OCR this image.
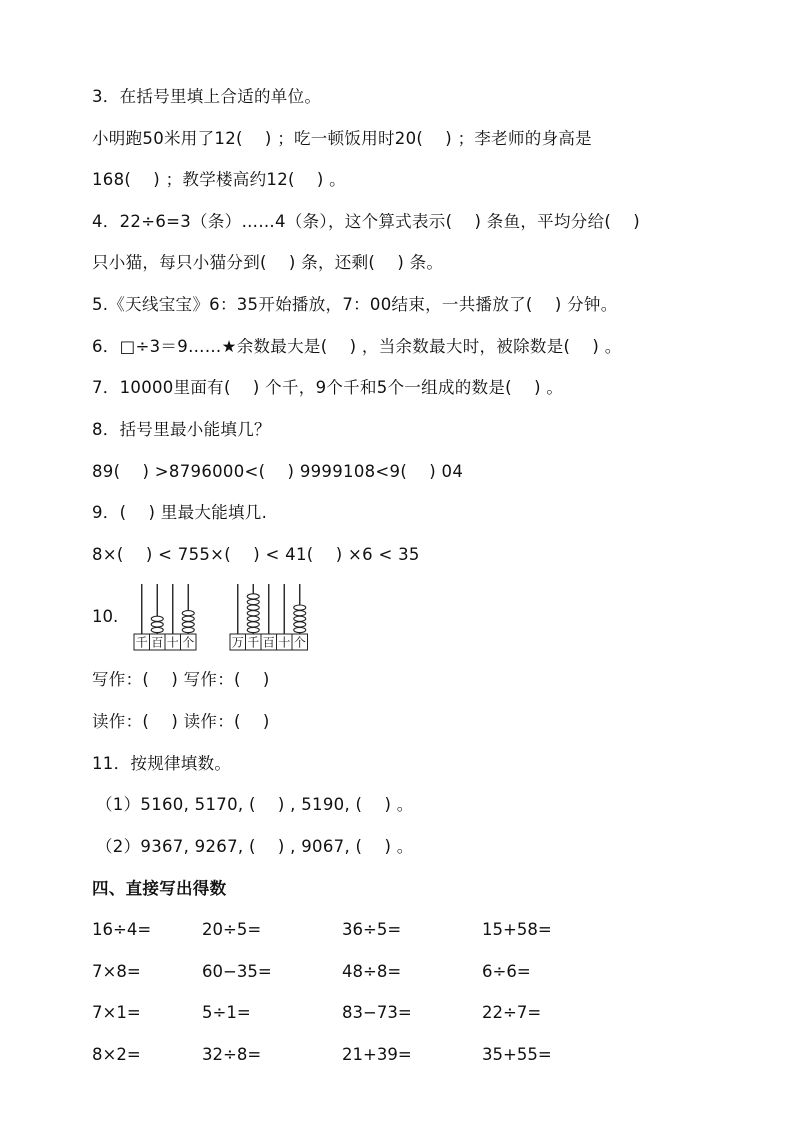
3．在括号里填上合适的单位。
小明跑50米用了12(    ) ；吃一顿饭用时20(    ) ；李老师的身高是
168(    ) ；教学楼高约12(    ) 。
4．22÷6=3（条）……4（条），这个算式表示(    ) 条鱼，平均分给(    )
只小猫，每只小猫分到(    ) 条，还剩(    ) 条。
5.《天线宝宝》6：35开始播放，7：00结束，一共播放了(    ) 分钟。
6．□÷3＝9……★余数最大是(    ) ，当余数最大时，被除数是(    ) 。
7．10000里面有(    ) 个千，9个千和5个一组成的数是(    ) 。
8．括号里最小能填几？
89(    ) >8796000<(    ) 9999108<9(    ) 04
9．(    ) 里最大能填几.
8×(    ) < 755×(    ) < 41(    ) ×6 < 35
10.
千 百 十 个	万 千 百 十 个
写作：(    ) 写作：(    )
读作：(    ) 读作：(    )
11．按规律填数。
（1）5160, 5170, (    ) , 5190, (    ) 。
（2）9367, 9267, (    ) , 9067, (    ) 。
四、直接写出得数
16÷4=	20÷5=	36÷5=	15+58=
7×8=	60−35=	48÷8=	6÷6=
7×1=	5÷1=	83−73=	22÷7=
8×2=	32÷8=	21+39=	35+55=
